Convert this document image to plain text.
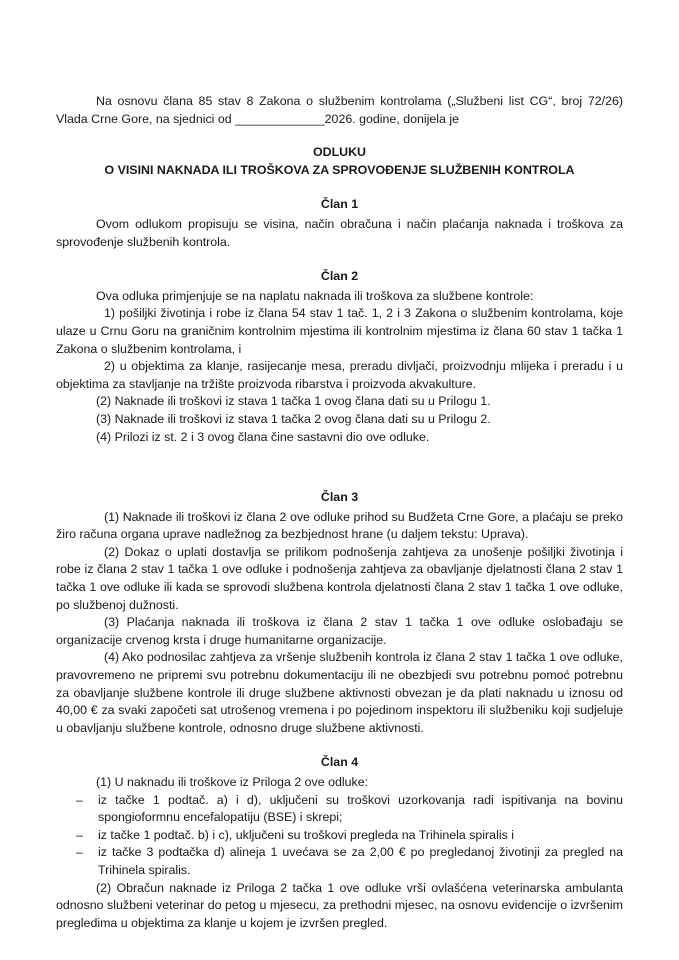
Na osnovu člana 85 stav 8 Zakona o službenim kontrolama („Službeni list CG“, broj 72/26) Vlada Crne Gore, na sjednici od _____________2026. godine, donijela je

ODLUKU

O VISINI NAKNADA ILI TROŠKOVA ZA SPROVOĐENJE SLUŽBENIH KONTROLA

Član 1

Ovom odlukom propisuju se visina, način obračuna i način plaćanja naknada i troškova za sprovođenje službenih kontrola.

Član 2

Ova odluka primjenjuje se na naplatu naknada ili troškova za službene kontrole:

1) pošiljki životinja i robe iz člana 54 stav 1 tač. 1, 2 i 3 Zakona o službenim kontrolama, koje ulaze u Crnu Goru na graničnim kontrolnim mjestima ili kontrolnim mjestima iz člana 60 stav 1 tačka 1 Zakona o službenim kontrolama, i

2) u objektima za klanje, rasijecanje mesa, preradu divljači, proizvodnju mlijeka i preradu i u objektima za stavljanje na tržište proizvoda ribarstva i proizvoda akvakulture.

(2) Naknade ili troškovi iz stava 1 tačka 1 ovog člana dati su u Prilogu 1.

(3) Naknade ili troškovi iz stava 1 tačka 2 ovog člana dati su u Prilogu 2.

(4) Prilozi iz st. 2 i 3 ovog člana čine sastavni dio ove odluke.

Član 3

(1) Naknade ili troškovi iz člana 2 ove odluke prihod su Budžeta Crne Gore, a plaćaju se preko žiro računa organa uprave nadležnog za bezbjednost hrane (u daljem tekstu: Uprava).

(2) Dokaz o uplati dostavlja se prilikom podnošenja zahtjeva za unošenje pošiljki životinja i robe iz člana 2 stav 1 tačka 1 ove odluke i podnošenja zahtjeva za obavljanje djelatnosti člana 2 stav 1 tačka 1 ove odluke ili kada se sprovodi službena kontrola djelatnosti člana 2 stav 1 tačka 1 ove odluke, po službenoj dužnosti.

(3) Plaćanja naknada ili troškova iz člana 2 stav 1 tačka 1 ove odluke oslobađaju se organizacije crvenog krsta i druge humanitarne organizacije.

(4) Ako podnosilac zahtjeva za vršenje službenih kontrola iz člana 2 stav 1 tačka 1 ove odluke, pravovremeno ne pripremi svu potrebnu dokumentaciju ili ne obezbjedi svu potrebnu pomoć potrebnu za obavljanje službene kontrole ili druge službene aktivnosti obvezan je da plati naknadu u iznosu od 40,00 € za svaki započeti sat utrošenog vremena i po pojedinom inspektoru ili službeniku koji sudjeluje u obavljanju službene kontrole, odnosno druge službene aktivnosti.

Član 4

(1) U naknadu ili troškove iz Priloga 2 ove odluke:

– iz tačke 1 podtač. a) i d), uključeni su troškovi uzorkovanja radi ispitivanja na bovinu spongioformnu encefalopatiju (BSE) i skrepi;
– iz tačke 1 podtač. b) i c), uključeni su troškovi pregleda na Trihinela spiralis i
– iz tačke 3 podtačka d) alineja 1 uvećava se za 2,00 € po pregledanoj životinji za pregled na Trihinela spiralis.

(2) Obračun naknade iz Priloga 2 tačka 1 ove odluke vrši ovlašćena veterinarska ambulanta odnosno službeni veterinar do petog u mjesecu, za prethodni mjesec, na osnovu evidencije o izvršenim pregledima u objektima za klanje u kojem je izvršen pregled.
